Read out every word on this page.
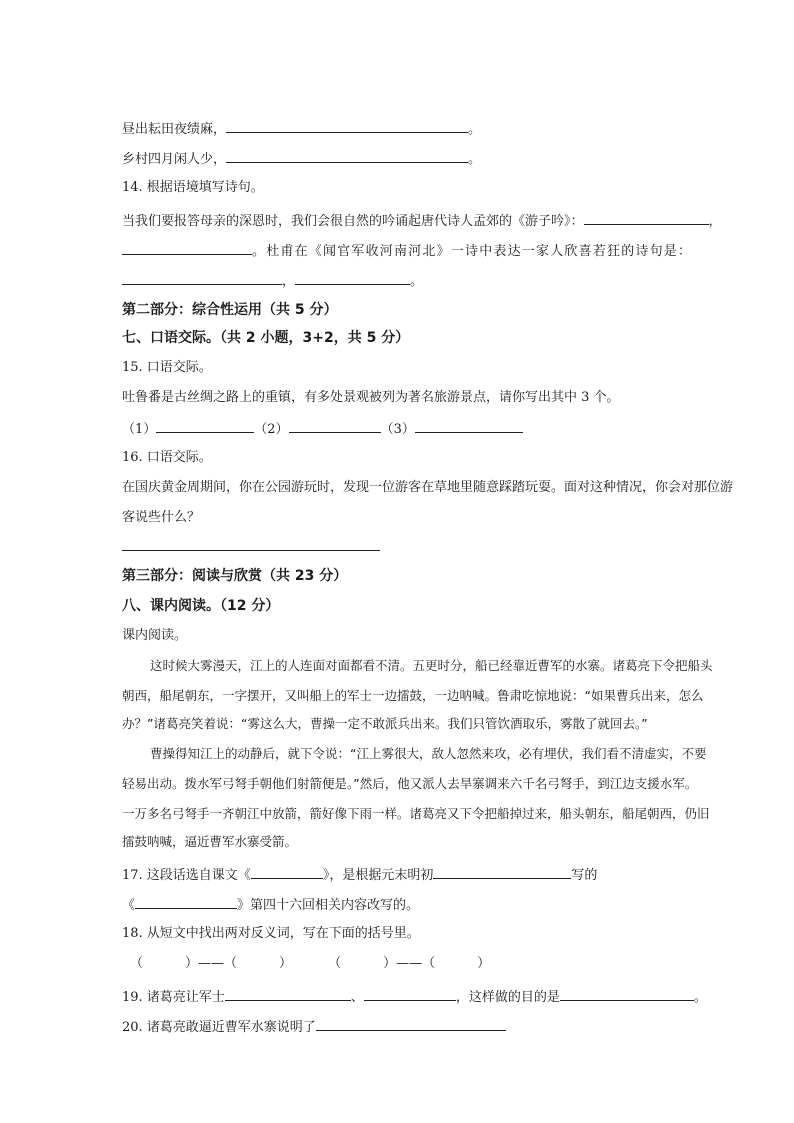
昼出耘田夜绩麻，	。
乡村四月闲人少，	。
14. 根据语境填写诗句。
当我们要报答母亲的深恩时，我们会很自然的吟诵起唐代诗人孟郊的《游子吟》：	，
。杜甫在《闻官军收河南河北》一诗中表达一家人欣喜若狂的诗句是：
，	。
第二部分：综合性运用（共 5 分）
七、口语交际。（共 2 小题，3+2，共 5 分）
15. 口语交际。
吐鲁番是古丝绸之路上的重镇，有多处景观被列为著名旅游景点，请你写出其中 3 个。
（1）	（2）	（3）
16. 口语交际。
在国庆黄金周期间，你在公园游玩时，发现一位游客在草地里随意踩踏玩耍。面对这种情况，你会对那位游
客说些什么？
第三部分：阅读与欣赏（共 23 分）
八、课内阅读。（12 分）
课内阅读。
这时候大雾漫天，江上的人连面对面都看不清。五更时分，船已经靠近曹军的水寨。诸葛亮下令把船头
朝西，船尾朝东，一字摆开，又叫船上的军士一边擂鼓，一边呐喊。鲁肃吃惊地说：“如果曹兵出来，怎么
办？”诸葛亮笑着说：“雾这么大，曹操一定不敢派兵出来。我们只管饮酒取乐，雾散了就回去。”
曹操得知江上的动静后，就下令说：“江上雾很大，敌人忽然来攻，必有埋伏，我们看不清虚实，不要
轻易出动。拨水军弓弩手朝他们射箭便是。”然后，他又派人去旱寨调来六千名弓弩手，到江边支援水军。
一万多名弓弩手一齐朝江中放箭，箭好像下雨一样。诸葛亮又下令把船掉过来，船头朝东，船尾朝西，仍旧
擂鼓呐喊，逼近曹军水寨受箭。
17. 这段话选自课文《	》，是根据元末明初	写的
《	》第四十六回相关内容改写的。
18. 从短文中找出两对反义词，写在下面的括号里。
（	）——（	）	（	）——（	）
19. 诸葛亮让军士	、	，这样做的目的是	。
20. 诸葛亮敢逼近曹军水寨说明了
